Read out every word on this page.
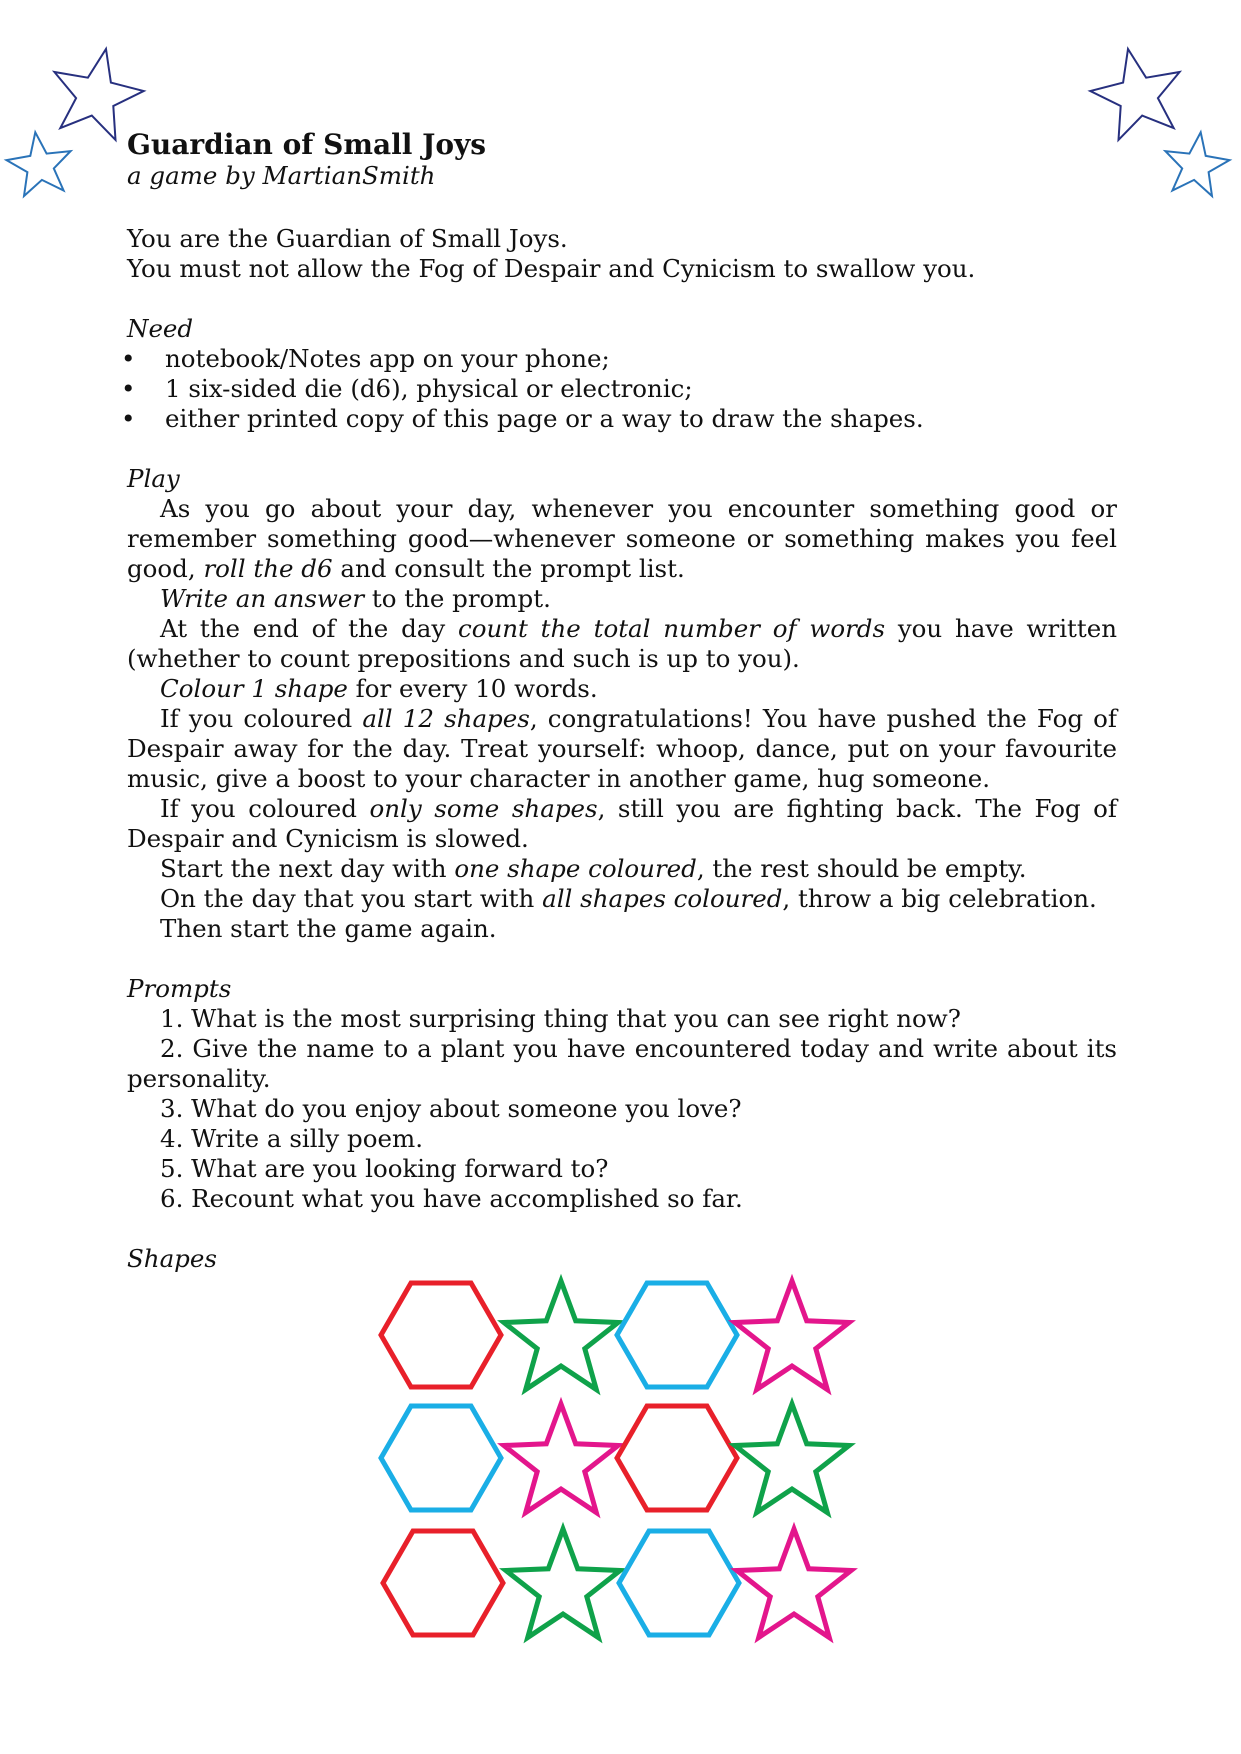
Guardian of Small Joys
a game by MartianSmith
You are the Guardian of Small Joys.
You must not allow the Fog of Despair and Cynicism to swallow you.
Need
• notebook/Notes app on your phone;
• 1 six-sided die (d6), physical or electronic;
• either printed copy of this page or a way to draw the shapes.
Play

As you go about your day, whenever you encounter something good or remember something good—whenever someone or something makes you feel good, roll the d6 and consult the prompt list.

Write an answer to the prompt.

At the end of the day count the total number of words you have written (whether to count prepositions and such is up to you).

Colour 1 shape for every 10 words.

If you coloured all 12 shapes, congratulations! You have pushed the Fog of Despair away for the day. Treat yourself: whoop, dance, put on your favourite music, give a boost to your character in another game, hug someone.

If you coloured only some shapes, still you are fighting back. The Fog of Despair and Cynicism is slowed.

Start the next day with one shape coloured, the rest should be empty.

On the day that you start with all shapes coloured, throw a big celebration.

Then start the game again.

Prompts

1. What is the most surprising thing that you can see right now?

2. Give the name to a plant you have encountered today and write about its personality.

3. What do you enjoy about someone you love?

4. Write a silly poem.

5. What are you looking forward to?

6. Recount what you have accomplished so far.

Shapes
